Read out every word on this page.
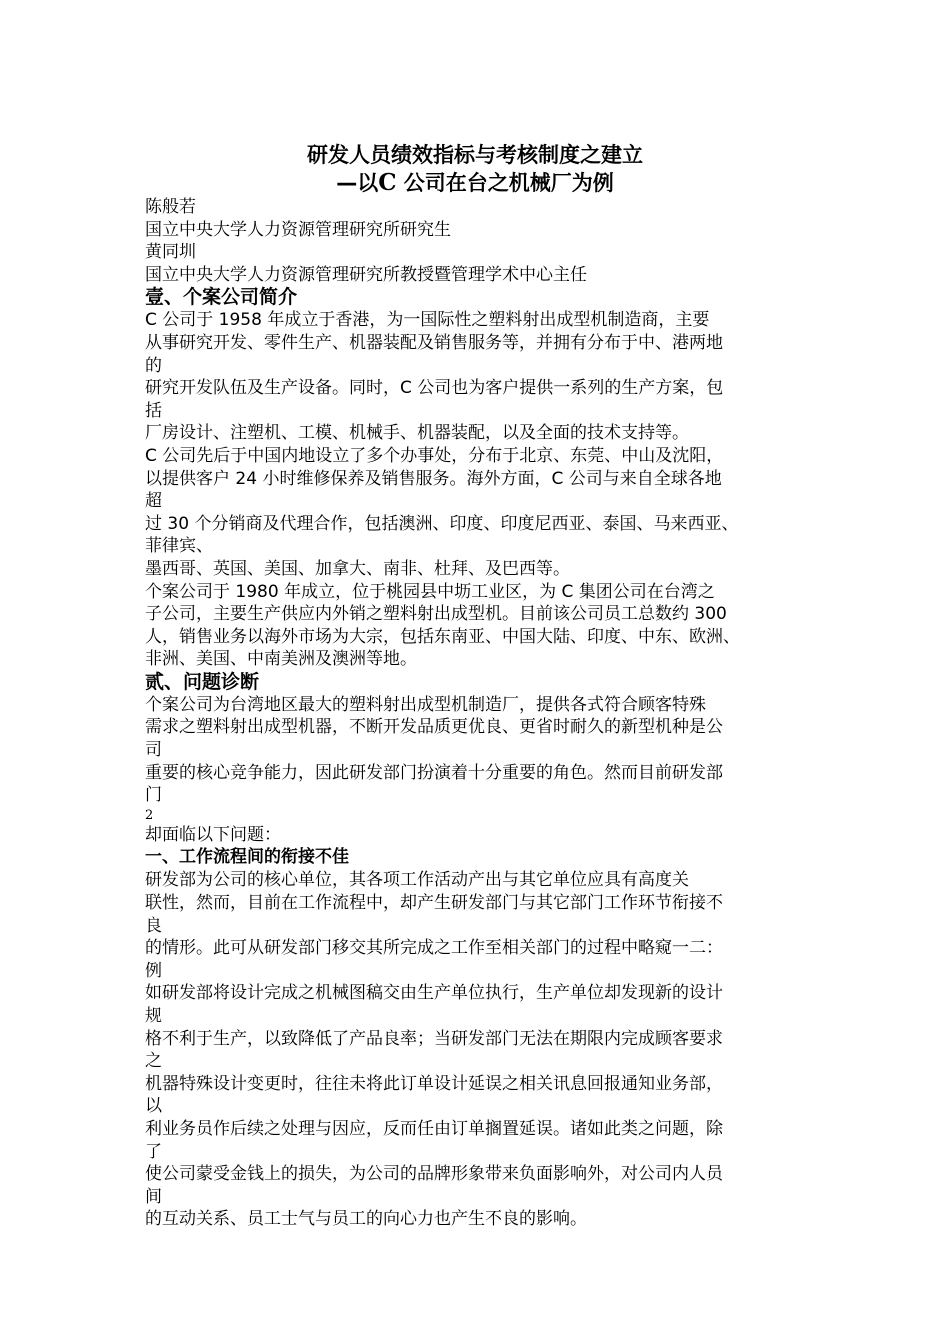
研发人员绩效指标与考核制度之建立
—以C 公司在台之机械厂为例
陈般若
国立中央大学人力资源管理研究所研究生
黄同圳
国立中央大学人力资源管理研究所教授暨管理学术中心主任
壹、个案公司简介
C 公司于 1958 年成立于香港，为一国际性之塑料射出成型机制造商，主要
从事研究开发、零件生产、机器装配及销售服务等，并拥有分布于中、港两地
的
研究开发队伍及生产设备。同时，C 公司也为客户提供一系列的生产方案，包
括
厂房设计、注塑机、工模、机械手、机器装配，以及全面的技术支持等。
C 公司先后于中国内地设立了多个办事处，分布于北京、东莞、中山及沈阳，
以提供客户 24 小时维修保养及销售服务。海外方面，C 公司与来自全球各地
超
过 30 个分销商及代理合作，包括澳洲、印度、印度尼西亚、泰国、马来西亚、
菲律宾、
墨西哥、英国、美国、加拿大、南非、杜拜、及巴西等。
个案公司于 1980 年成立，位于桃园县中坜工业区，为 C 集团公司在台湾之
子公司，主要生产供应内外销之塑料射出成型机。目前该公司员工总数约 300
人，销售业务以海外市场为大宗，包括东南亚、中国大陆、印度、中东、欧洲、
非洲、美国、中南美洲及澳洲等地。
贰、问题诊断
个案公司为台湾地区最大的塑料射出成型机制造厂，提供各式符合顾客特殊
需求之塑料射出成型机器，不断开发品质更优良、更省时耐久的新型机种是公
司
重要的核心竞争能力，因此研发部门扮演着十分重要的角色。然而目前研发部
门
2
却面临以下问题：
一、工作流程间的衔接不佳
研发部为公司的核心单位，其各项工作活动产出与其它单位应具有高度关
联性，然而，目前在工作流程中，却产生研发部门与其它部门工作环节衔接不
良
的情形。此可从研发部门移交其所完成之工作至相关部门的过程中略窥一二：
例
如研发部将设计完成之机械图稿交由生产单位执行，生产单位却发现新的设计
规
格不利于生产，以致降低了产品良率；当研发部门无法在期限内完成顾客要求
之
机器特殊设计变更时，往往未将此订单设计延误之相关讯息回报通知业务部，
以
利业务员作后续之处理与因应，反而任由订单搁置延误。诸如此类之问题，除
了
使公司蒙受金钱上的损失，为公司的品牌形象带来负面影响外，对公司内人员
间
的互动关系、员工士气与员工的向心力也产生不良的影响。
